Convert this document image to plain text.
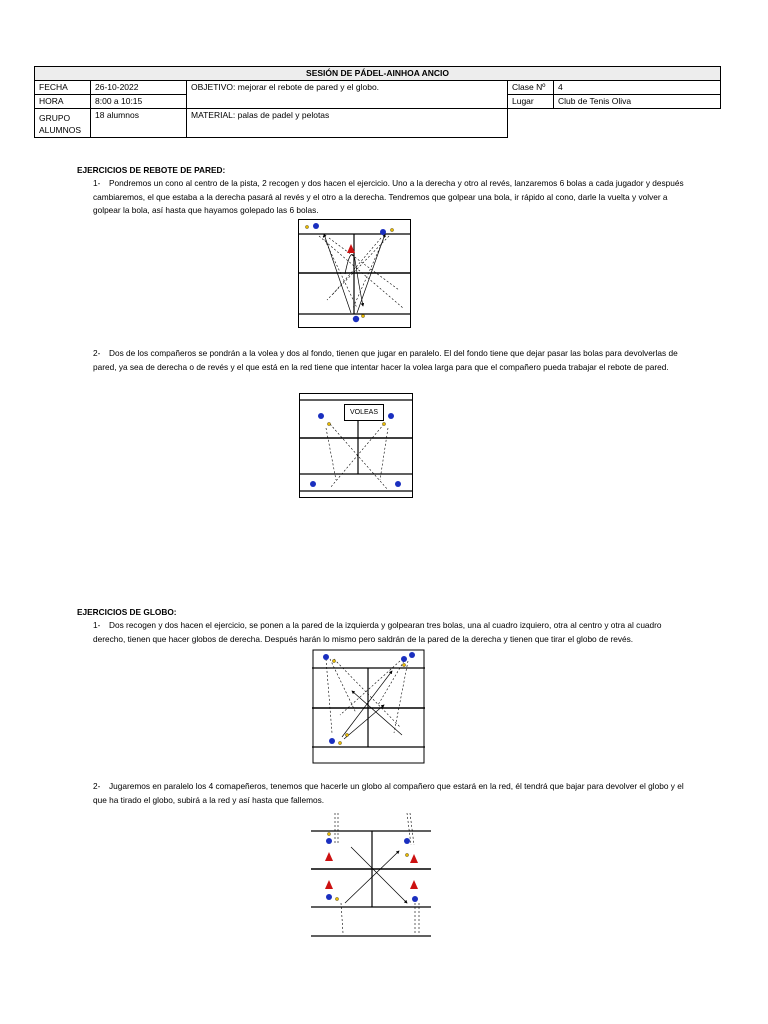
SESIÓN DE PÁDEL-AINHOA ANCIO				
FECHA	26-10-2022	OBJETIVO: mejorar el rebote de pared y el globo.	Clase Nº	4
HORA	8:00 a 10:15		Lugar	Club de Tenis Oliva

GRUPO
ALUMNOS	18 alumnos	MATERIAL: palas de padel y pelotas		
EJERCICIOS DE REBOTE DE PARED:
1- Pondremos un cono al centro de la pista, 2 recogen y dos hacen el ejercicio. Uno a la derecha y otro al revés, lanzaremos 6 bolas a cada jugador y después cambiaremos, el que estaba a la derecha pasará al revés y el otro a la derecha. Tendremos que golpear una bola, ir rápido al cono, darle la vuelta y volver a golpear la bola, así hasta que hayamos golepado las 6 bolas.
2- Dos de los compañeros se pondrán a la volea y dos al fondo, tienen que jugar en paralelo. El del fondo tiene que dejar pasar las bolas para devolverlas de pared, ya sea de derecha o de revés y el que está en la red tiene que intentar hacer la volea larga para que el compañero pueda trabajar el rebote de pared.
VOLEAS
EJERCICIOS DE GLOBO:
1- Dos recogen y dos hacen el ejercicio, se ponen a la pared de la izquierda y golpearan tres bolas, una al cuadro izquiero, otra al centro y otra al cuadro derecho, tienen que hacer globos de derecha. Después harán lo mismo pero saldrán de la pared de la derecha y tienen que tirar el globo de revés.
2- Jugaremos en paralelo los 4 comapeñeros, tenemos que hacerle un globo al compañero que estará en la red, él tendrá que bajar para devolver el globo y el que ha tirado el globo, subirá a la red y así hasta que fallemos.
